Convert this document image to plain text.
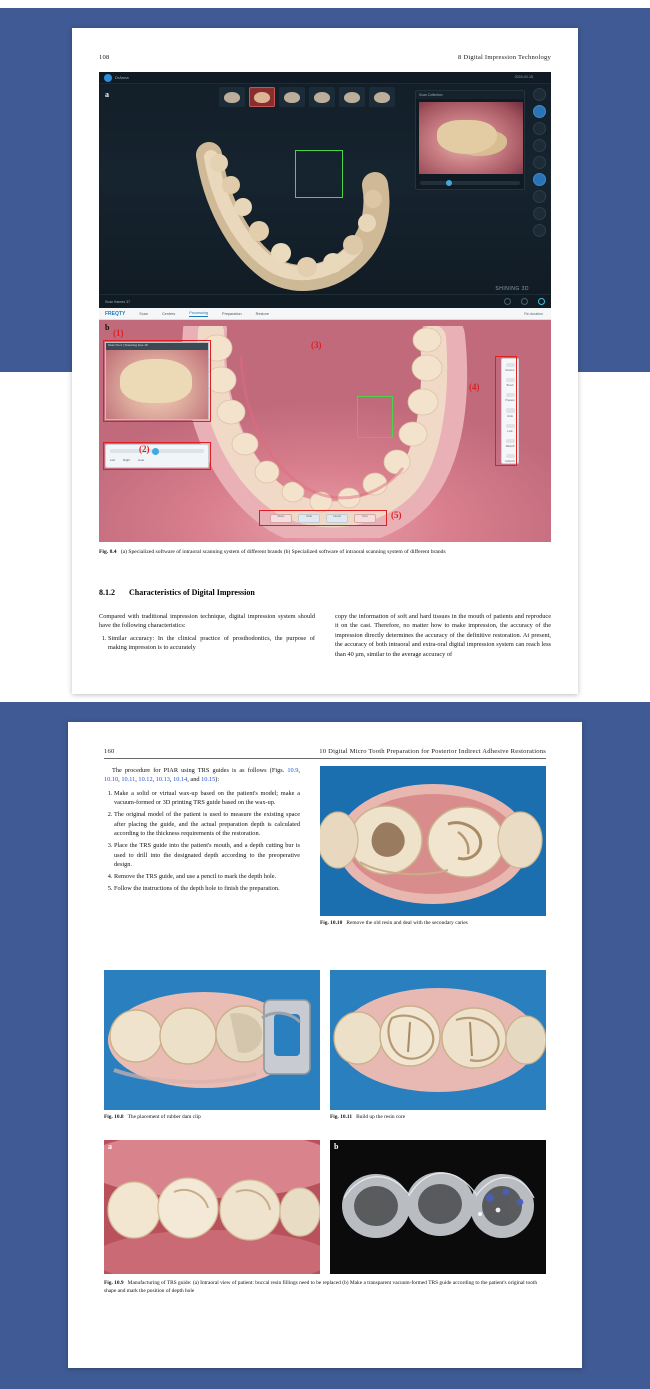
108	8 Digital Impression Technology
DrAnna	2024-03-15
a	Scan Collection
SHINING 3D
Scan frames 37
Scan No.2 | Scanning time 18
Left	Right	Auto
Restore
Brush
Prepare
Undo
Lock
Markoff
ColorCC
Reset	Undo	Cancel	Next
(1)
(2)
(3)
(4)
(5)
FREQTY	Scan	Centres	Processing	Preparation	Restore	Re-duration
b
Fig. 8.4   (a) Specialized software of intraoral scanning system of different brands (b) Specialized software of intraoral scanning system of different brands
8.1.2   Characteristics of Digital Impression

Compared with traditional impression technique, digital impression system should have the following characteristics:

1. Similar accuracy: In the clinical practice of prosthodontics, the purpose of making impression is to accurately

copy the information of soft and hard tissues in the mouth of patients and reproduce it on the cast. Therefore, no matter how to make impression, the accuracy of the impression directly determines the accuracy of the definitive restoration. At present, the accuracy of both intraoral and extra-oral digital impression system can reach less than 40 µm, similar to the average accuracy of

160	10 Digital Micro Tooth Preparation for Posterior Indirect Adhesive Restorations

The procedure for PIAR using TRS guides is as follows (Figs. 10.9, 10.10, 10.11, 10.12, 10.13, 10.14, and 10.15):

1. Make a solid or virtual wax-up based on the patient's model; make a vacuum-formed or 3D printing TRS guide based on the wax-up.
2. The original model of the patient is used to measure the existing space after placing the guide, and the actual preparation depth is calculated according to the thickness requirements of the restoration.
3. Place the TRS guide into the patient's mouth, and a depth cutting bur is used to drill into the designated depth according to the preoperative design.
4. Remove the TRS guide, and use a pencil to mark the depth hole.
5. Follow the instructions of the depth hole to finish the preparation.
Fig. 10.10   Remove the old resin and deal with the secondary caries
Fig. 10.8   The placement of rubber dam clip	Fig. 10.11   Build up the resin core
a	b
Fig. 10.9   Manufacturing of TRS guide: (a) Intraoral view of patient: buccal resin fillings need to be replaced (b) Make a transparent vacuum-formed TRS guide according to the patient's original tooth shape and mark the position of depth hole
